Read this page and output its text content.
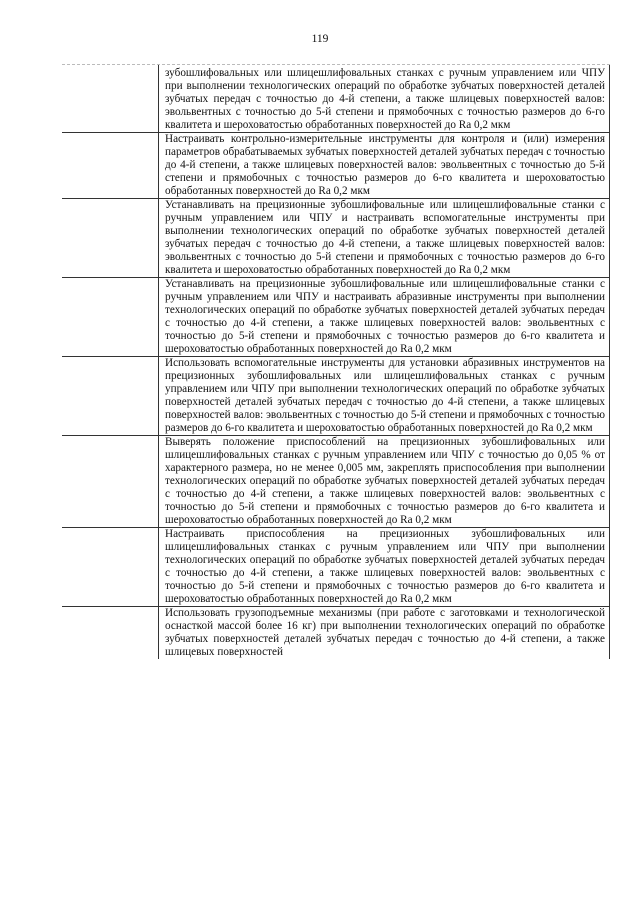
119
зубошлифовальных или шлицешлифовальных станках с ручным управлением или ЧПУ при выполнении технологических операций по обработке зубчатых поверхностей деталей зубчатых передач с точностью до 4-й степени, а также шлицевых поверхностей валов: эвольвентных с точностью до 5-й степени и прямобочных с точностью размеров до 6-го квалитета и шероховатостью обработанных поверхностей до Ra 0,2 мкм
Настраивать контрольно-измерительные инструменты для контроля и (или) измерения параметров обрабатываемых зубчатых поверхностей деталей зубчатых передач с точностью до 4-й степени, а также шлицевых поверхностей валов: эвольвентных с точностью до 5-й степени и прямобочных с точностью размеров до 6-го квалитета и шероховатостью обработанных поверхностей до Ra 0,2 мкм
Устанавливать на прецизионные зубошлифовальные или шлицешлифовальные станки с ручным управлением или ЧПУ и настраивать вспомогательные инструменты при выполнении технологических операций по обработке зубчатых поверхностей деталей зубчатых передач с точностью до 4-й степени, а также шлицевых поверхностей валов: эвольвентных с точностью до 5-й степени и прямобочных с точностью размеров до 6-го квалитета и шероховатостью обработанных поверхностей до Ra 0,2 мкм
Устанавливать на прецизионные зубошлифовальные или шлицешлифовальные станки с ручным управлением или ЧПУ и настраивать абразивные инструменты при выполнении технологических операций по обработке зубчатых поверхностей деталей зубчатых передач с точностью до 4-й степени, а также шлицевых поверхностей валов: эвольвентных с точностью до 5-й степени и прямобочных с точностью размеров до 6-го квалитета и шероховатостью обработанных поверхностей до Ra 0,2 мкм
Использовать вспомогательные инструменты для установки абразивных инструментов на прецизионных зубошлифовальных или шлицешлифовальных станках с ручным управлением или ЧПУ при выполнении технологических операций по обработке зубчатых поверхностей деталей зубчатых передач с точностью до 4-й степени, а также шлицевых поверхностей валов: эвольвентных с точностью до 5-й степени и прямобочных с точностью размеров до 6-го квалитета и шероховатостью обработанных поверхностей до Ra 0,2 мкм
Выверять положение приспособлений на прецизионных зубошлифовальных или шлицешлифовальных станках с ручным управлением или ЧПУ с точностью до 0,05 % от характерного размера, но не менее 0,005 мм, закреплять приспособления при выполнении технологических операций по обработке зубчатых поверхностей деталей зубчатых передач с точностью до 4-й степени, а также шлицевых поверхностей валов: эвольвентных с точностью до 5-й степени и прямобочных с точностью размеров до 6-го квалитета и шероховатостью обработанных поверхностей до Ra 0,2 мкм
Настраивать приспособления на прецизионных зубошлифовальных или шлицешлифовальных станках с ручным управлением или ЧПУ при выполнении технологических операций по обработке зубчатых поверхностей деталей зубчатых передач с точностью до 4-й степени, а также шлицевых поверхностей валов: эвольвентных с точностью до 5-й степени и прямобочных с точностью размеров до 6-го квалитета и шероховатостью обработанных поверхностей до Ra 0,2 мкм
Использовать грузоподъемные механизмы (при работе с заготовками и технологической оснасткой массой более 16 кг) при выполнении технологических операций по обработке зубчатых поверхностей деталей зубчатых передач с точностью до 4-й степени, а также шлицевых поверхностей
